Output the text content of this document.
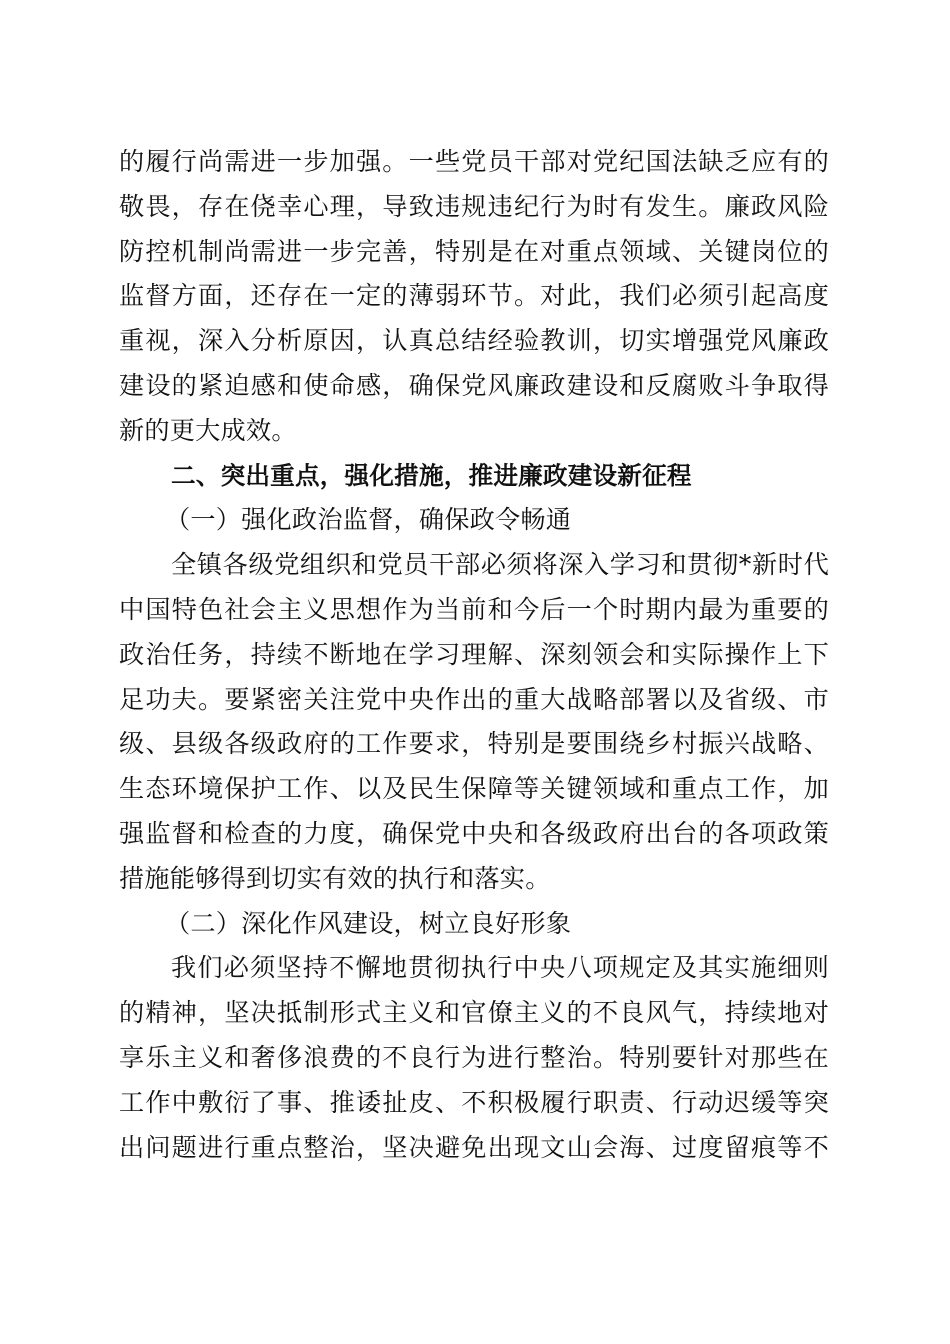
的履行尚需进一步加强。一些党员干部对党纪国法缺乏应有的
敬畏，存在侥幸心理，导致违规违纪行为时有发生。廉政风险
防控机制尚需进一步完善，特别是在对重点领域、关键岗位的
监督方面，还存在一定的薄弱环节。对此，我们必须引起高度
重视，深入分析原因，认真总结经验教训，切实增强党风廉政
建设的紧迫感和使命感，确保党风廉政建设和反腐败斗争取得
新的更大成效。
二、突出重点，强化措施，推进廉政建设新征程
（一）强化政治监督，确保政令畅通
全镇各级党组织和党员干部必须将深入学习和贯彻*新时代
中国特色社会主义思想作为当前和今后一个时期内最为重要的
政治任务，持续不断地在学习理解、深刻领会和实际操作上下
足功夫。要紧密关注党中央作出的重大战略部署以及省级、市
级、县级各级政府的工作要求，特别是要围绕乡村振兴战略、
生态环境保护工作、以及民生保障等关键领域和重点工作，加
强监督和检查的力度，确保党中央和各级政府出台的各项政策
措施能够得到切实有效的执行和落实。
（二）深化作风建设，树立良好形象
我们必须坚持不懈地贯彻执行中央八项规定及其实施细则
的精神，坚决抵制形式主义和官僚主义的不良风气，持续地对
享乐主义和奢侈浪费的不良行为进行整治。特别要针对那些在
工作中敷衍了事、推诿扯皮、不积极履行职责、行动迟缓等突
出问题进行重点整治，坚决避免出现文山会海、过度留痕等不
